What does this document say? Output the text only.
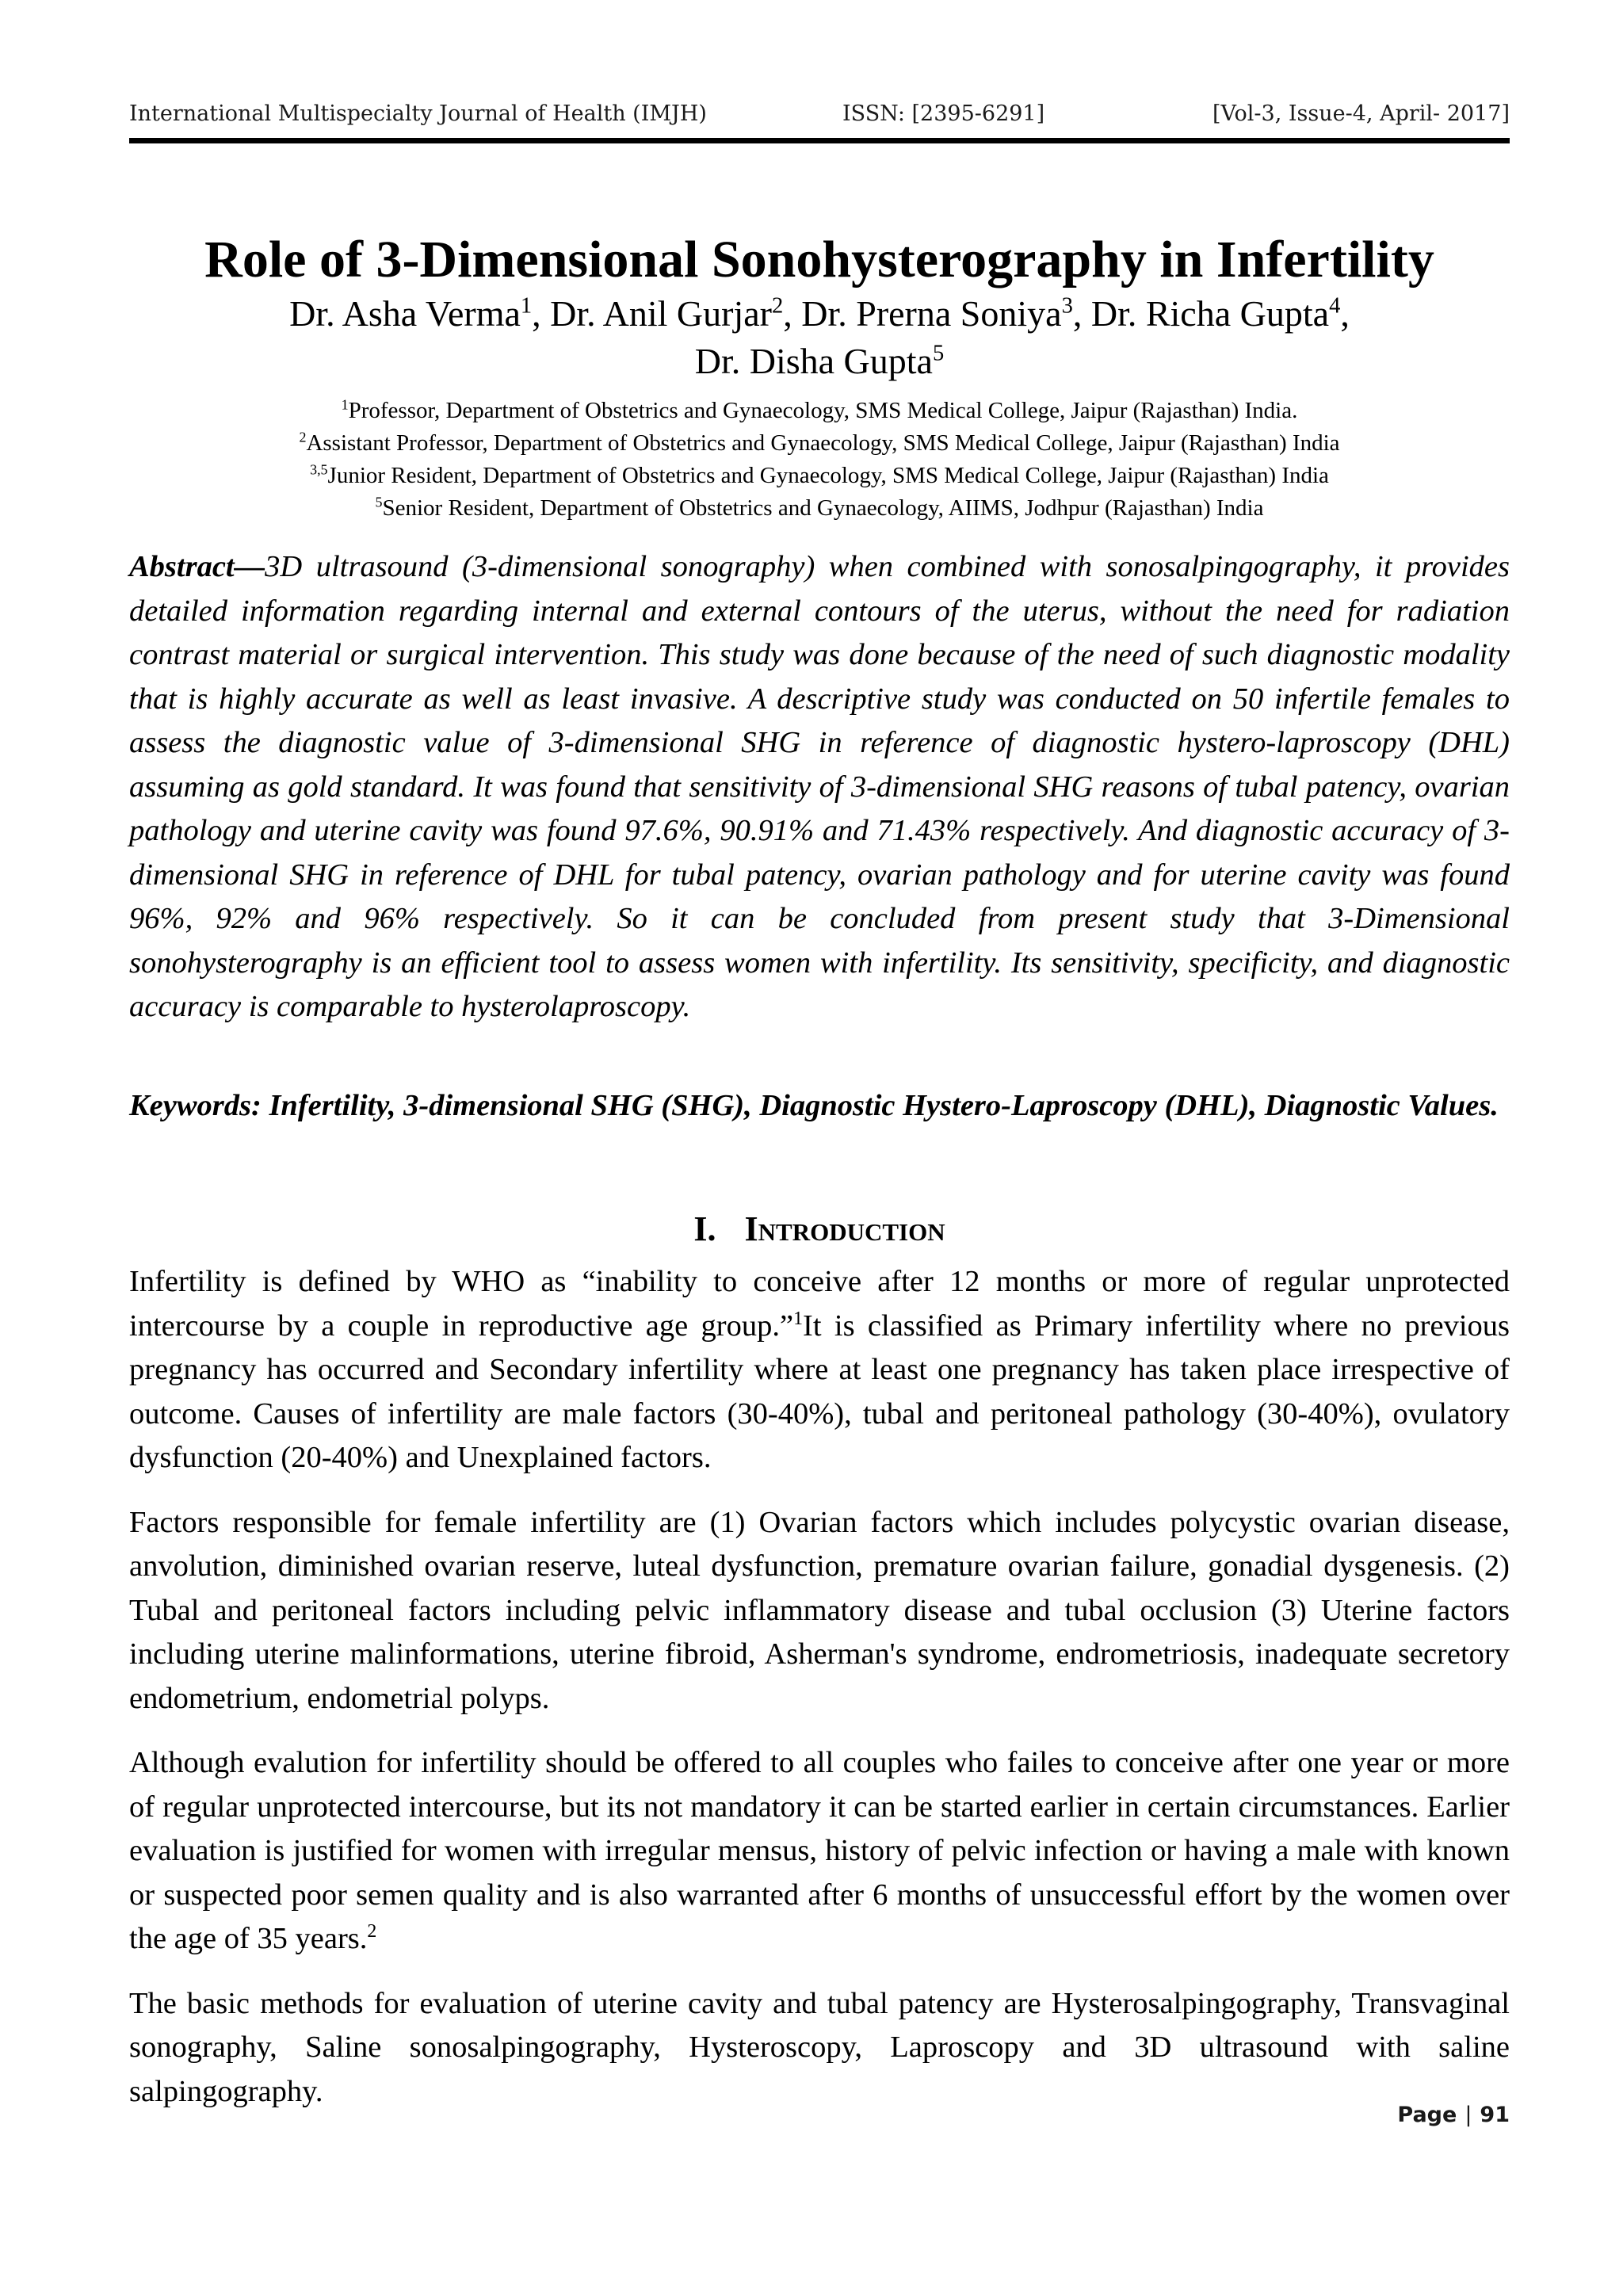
International Multispecialty Journal of Health (IMJH)	ISSN: [2395-6291]	[Vol-3, Issue-4, April- 2017]
Role of 3-Dimensional Sonohysterography in Infertility

Dr. Asha Verma$^1$, Dr. Anil Gurjar$^2$, Dr. Prerna Soniya$^3$, Dr. Richa Gupta$^4$,

Dr. Disha Gupta$^5$

$^1$Professor, Department of Obstetrics and Gynaecology, SMS Medical College, Jaipur (Rajasthan) India.

$^2$Assistant Professor, Department of Obstetrics and Gynaecology, SMS Medical College, Jaipur (Rajasthan) India

$^{3,5}$Junior Resident, Department of Obstetrics and Gynaecology, SMS Medical College, Jaipur (Rajasthan) India

$^5$Senior Resident, Department of Obstetrics and Gynaecology, AIIMS, Jodhpur (Rajasthan) India

Abstract—3D ultrasound (3-dimensional sonography) when combined with sonosalpingography, it provides detailed information regarding internal and external contours of the uterus, without the need for radiation contrast material or surgical intervention. This study was done because of the need of such diagnostic modality that is highly accurate as well as least invasive. A descriptive study was conducted on 50 infertile females to assess the diagnostic value of 3-dimensional SHG in reference of diagnostic hystero-laproscopy (DHL) assuming as gold standard. It was found that sensitivity of 3-dimensional SHG reasons of tubal patency, ovarian pathology and uterine cavity was found 97.6%, 90.91% and 71.43% respectively. And diagnostic accuracy of 3-dimensional SHG in reference of DHL for tubal patency, ovarian pathology and for uterine cavity was found 96%, 92% and 96% respectively. So it can be concluded from present study that 3-Dimensional sonohysterography is an efficient tool to assess women with infertility. Its sensitivity, specificity, and diagnostic accuracy is comparable to hysterolaproscopy.

Keywords: Infertility, 3-dimensional SHG (SHG), Diagnostic Hystero-Laproscopy (DHL), Diagnostic Values.

I. Introduction

Infertility is defined by WHO as “inability to conceive after 12 months or more of regular unprotected intercourse by a couple in reproductive age group.”$^1$It is classified as Primary infertility where no previous pregnancy has occurred and Secondary infertility where at least one pregnancy has taken place irrespective of outcome. Causes of infertility are male factors (30-40%), tubal and peritoneal pathology (30-40%), ovulatory dysfunction (20-40%) and Unexplained factors.

Factors responsible for female infertility are (1) Ovarian factors which includes polycystic ovarian disease, anvolution, diminished ovarian reserve, luteal dysfunction, premature ovarian failure, gonadial dysgenesis. (2) Tubal and peritoneal factors including pelvic inflammatory disease and tubal occlusion (3) Uterine factors including uterine malinformations, uterine fibroid, Asherman's syndrome, endrometriosis, inadequate secretory endometrium, endometrial polyps.

Although evalution for infertility should be offered to all couples who failes to conceive after one year or more of regular unprotected intercourse, but its not mandatory it can be started earlier in certain circumstances. Earlier evaluation is justified for women with irregular mensus, history of pelvic infection or having a male with known or suspected poor semen quality and is also warranted after 6 months of unsuccessful effort by the women over the age of 35 years.$^2$

The basic methods for evaluation of uterine cavity and tubal patency are Hysterosalpingography, Transvaginal sonography, Saline sonosalpingography, Hysteroscopy, Laproscopy and 3D ultrasound with saline salpingography.

Page | 91
